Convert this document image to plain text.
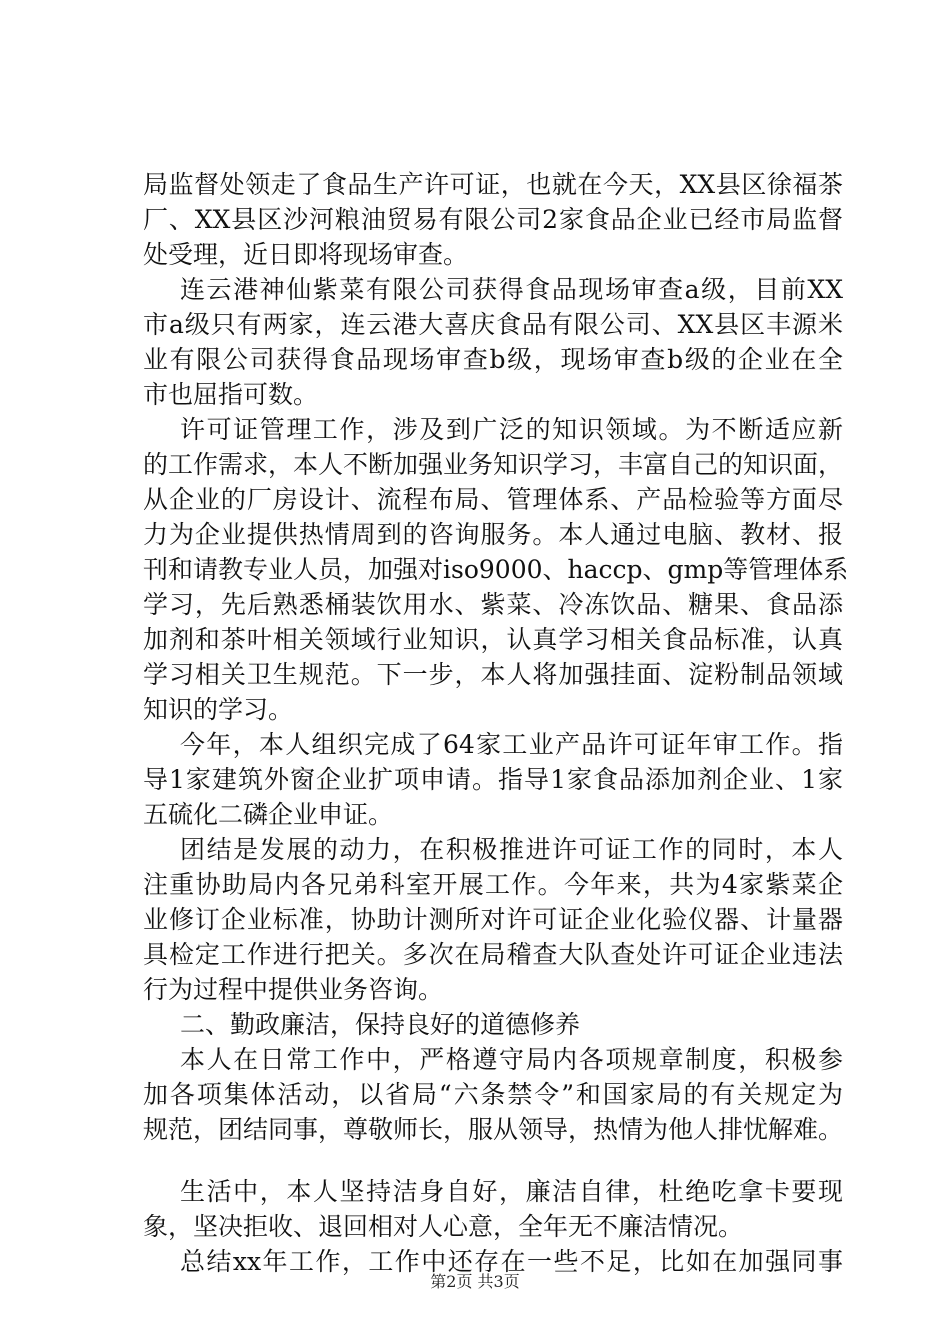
局监督处领走了食品生产许可证，也就在今天，XX县区徐福茶
厂、XX县区沙河粮油贸易有限公司2家食品企业已经市局监督
处受理，近日即将现场审查。
连云港神仙紫菜有限公司获得食品现场审查a级，目前XX
市a级只有两家，连云港大喜庆食品有限公司、XX县区丰源米
业有限公司获得食品现场审查b级，现场审查b级的企业在全
市也屈指可数。
许可证管理工作，涉及到广泛的知识领域。为不断适应新
的工作需求，本人不断加强业务知识学习，丰富自己的知识面，
从企业的厂房设计、流程布局、管理体系、产品检验等方面尽
力为企业提供热情周到的咨询服务。本人通过电脑、教材、报
刊和请教专业人员，加强对iso9000、haccp、gmp等管理体系
学习，先后熟悉桶装饮用水、紫菜、冷冻饮品、糖果、食品添
加剂和茶叶相关领域行业知识，认真学习相关食品标准，认真
学习相关卫生规范。下一步，本人将加强挂面、淀粉制品领域
知识的学习。
今年，本人组织完成了64家工业产品许可证年审工作。指
导1家建筑外窗企业扩项申请。指导1家食品添加剂企业、1家
五硫化二磷企业申证。
团结是发展的动力，在积极推进许可证工作的同时，本人
注重协助局内各兄弟科室开展工作。今年来，共为4家紫菜企
业修订企业标准，协助计测所对许可证企业化验仪器、计量器
具检定工作进行把关。多次在局稽查大队查处许可证企业违法
行为过程中提供业务咨询。
二、勤政廉洁，保持良好的道德修养
本人在日常工作中，严格遵守局内各项规章制度，积极参
加各项集体活动，以省局“六条禁令”和国家局的有关规定为
规范，团结同事，尊敬师长，服从领导，热情为他人排忧解难。
生活中，本人坚持洁身自好，廉洁自律，杜绝吃拿卡要现
象，坚决拒收、退回相对人心意，全年无不廉洁情况。
总结xx年工作，工作中还存在一些不足，比如在加强同事
第2页 共3页
